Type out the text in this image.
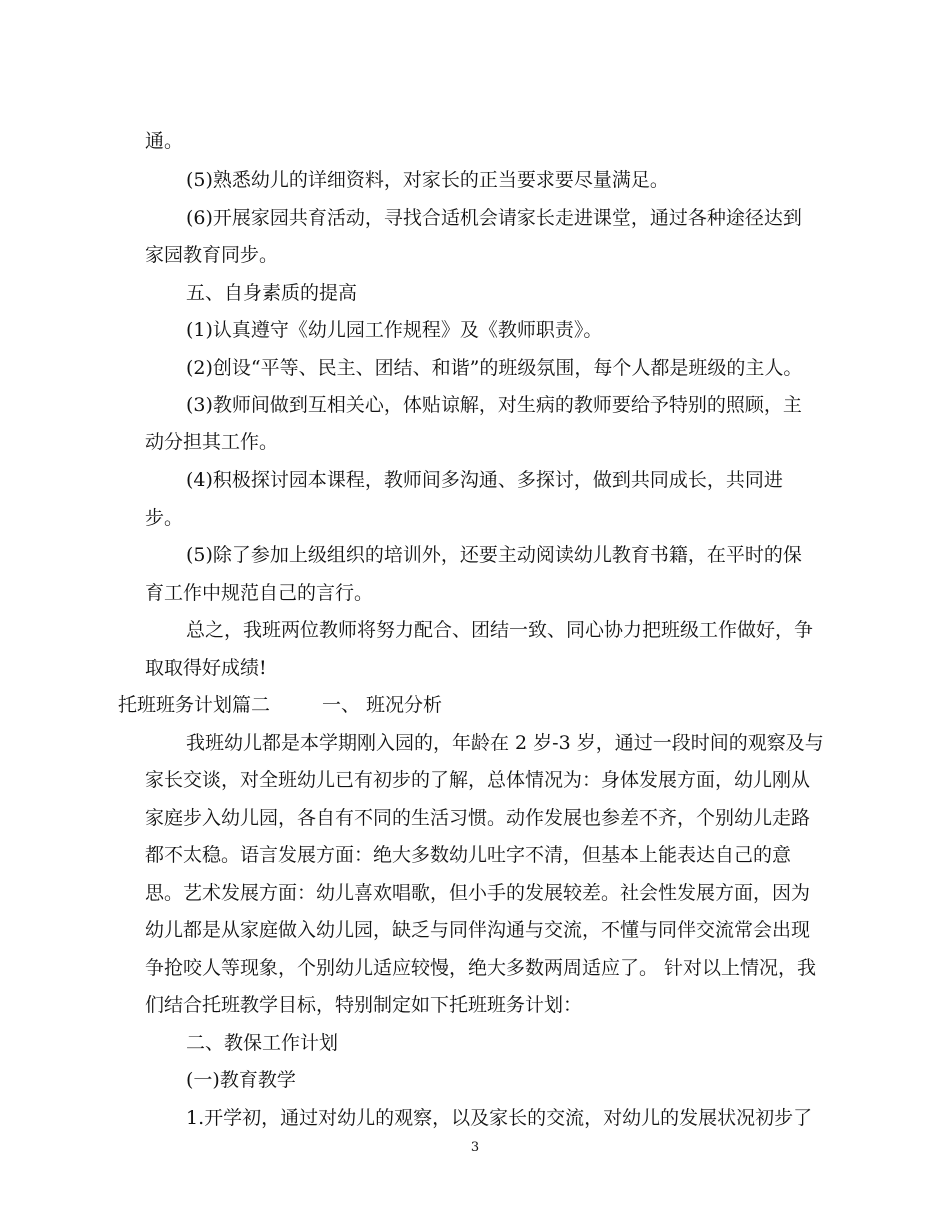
通。
(5)熟悉幼儿的详细资料，对家长的正当要求要尽量满足。
(6)开展家园共育活动，寻找合适机会请家长走进课堂，通过各种途径达到
家园教育同步。
五、自身素质的提高
(1)认真遵守《幼儿园工作规程》及《教师职责》。
(2)创设“平等、民主、团结、和谐”的班级氛围，每个人都是班级的主人。
(3)教师间做到互相关心，体贴谅解，对生病的教师要给予特别的照顾，主
动分担其工作。
(4)积极探讨园本课程，教师间多沟通、多探讨，做到共同成长，共同进
步。
(5)除了参加上级组织的培训外，还要主动阅读幼儿教育书籍，在平时的保
育工作中规范自己的言行。
总之，我班两位教师将努力配合、团结一致、同心协力把班级工作做好，争
取取得好成绩!
托班班务计划篇二	一、 班况分析
我班幼儿都是本学期刚入园的，年龄在 2 岁-3 岁，通过一段时间的观察及与
家长交谈，对全班幼儿已有初步的了解，总体情况为：身体发展方面，幼儿刚从
家庭步入幼儿园，各自有不同的生活习惯。动作发展也参差不齐，个别幼儿走路
都不太稳。语言发展方面：绝大多数幼儿吐字不清，但基本上能表达自己的意
思。艺术发展方面：幼儿喜欢唱歌，但小手的发展较差。社会性发展方面，因为
幼儿都是从家庭做入幼儿园，缺乏与同伴沟通与交流，不懂与同伴交流常会出现
争抢咬人等现象，个别幼儿适应较慢，绝大多数两周适应了。 针对以上情况，我
们结合托班教学目标，特别制定如下托班班务计划：
二、教保工作计划
(一)教育教学
1.开学初，通过对幼儿的观察，以及家长的交流，对幼儿的发展状况初步了
3
